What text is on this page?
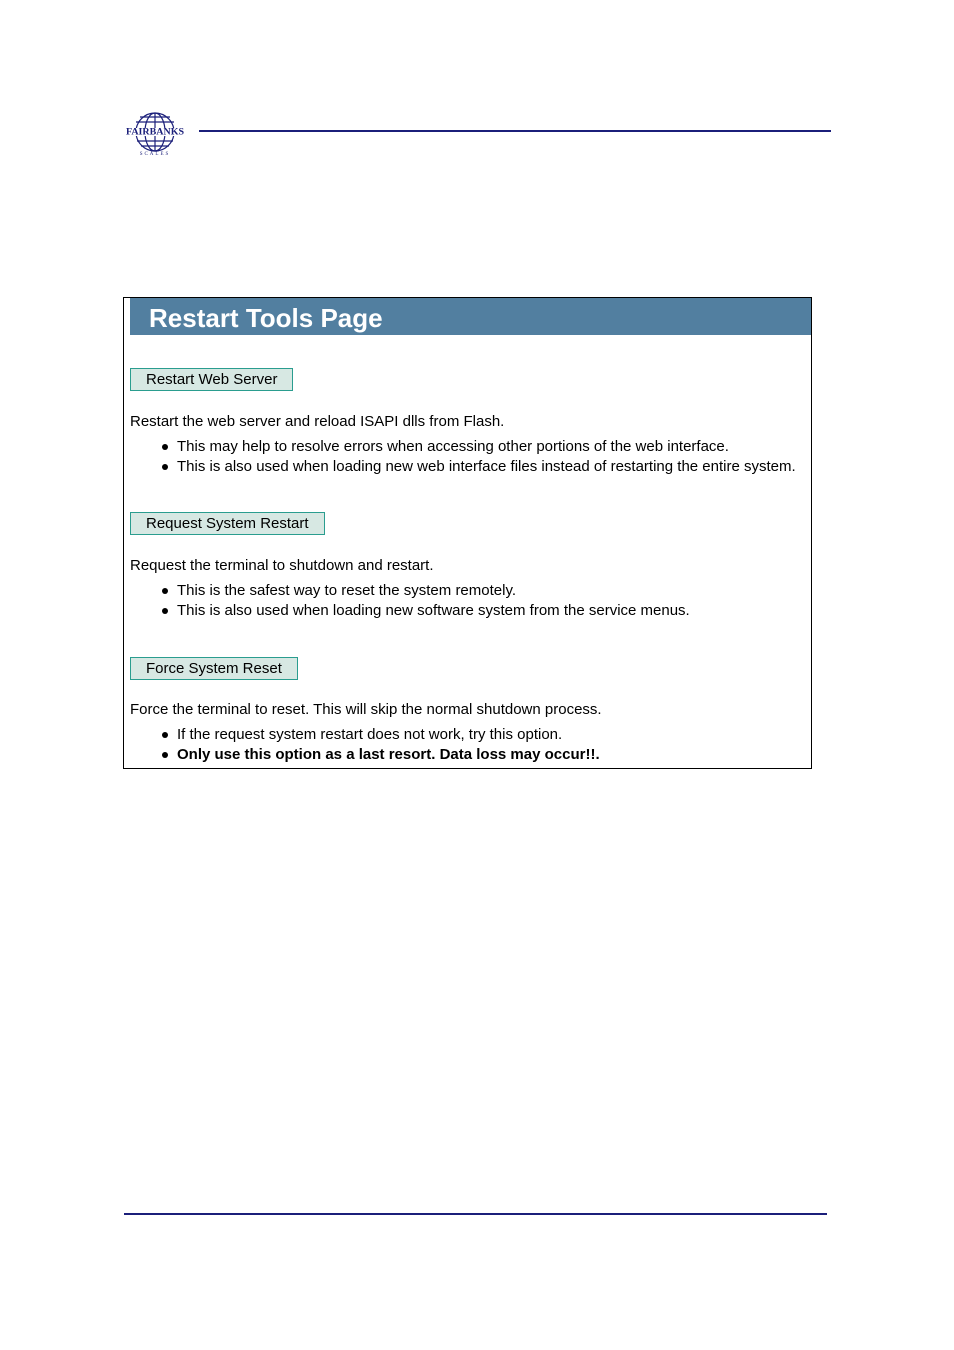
FAIRBANKS
SCALES
Restart Tools Page
Restart Web Server

Restart the web server and reload ISAPI dlls from Flash.

This may help to resolve errors when accessing other portions of the web interface.
This is also used when loading new web interface files instead of restarting the entire system.
Request System Restart

Request the terminal to shutdown and restart.

This is the safest way to reset the system remotely.
This is also used when loading new software system from the service menus.
Force System Reset

Force the terminal to reset. This will skip the normal shutdown process.

If the request system restart does not work, try this option.
Only use this option as a last resort. Data loss may occur!!.
